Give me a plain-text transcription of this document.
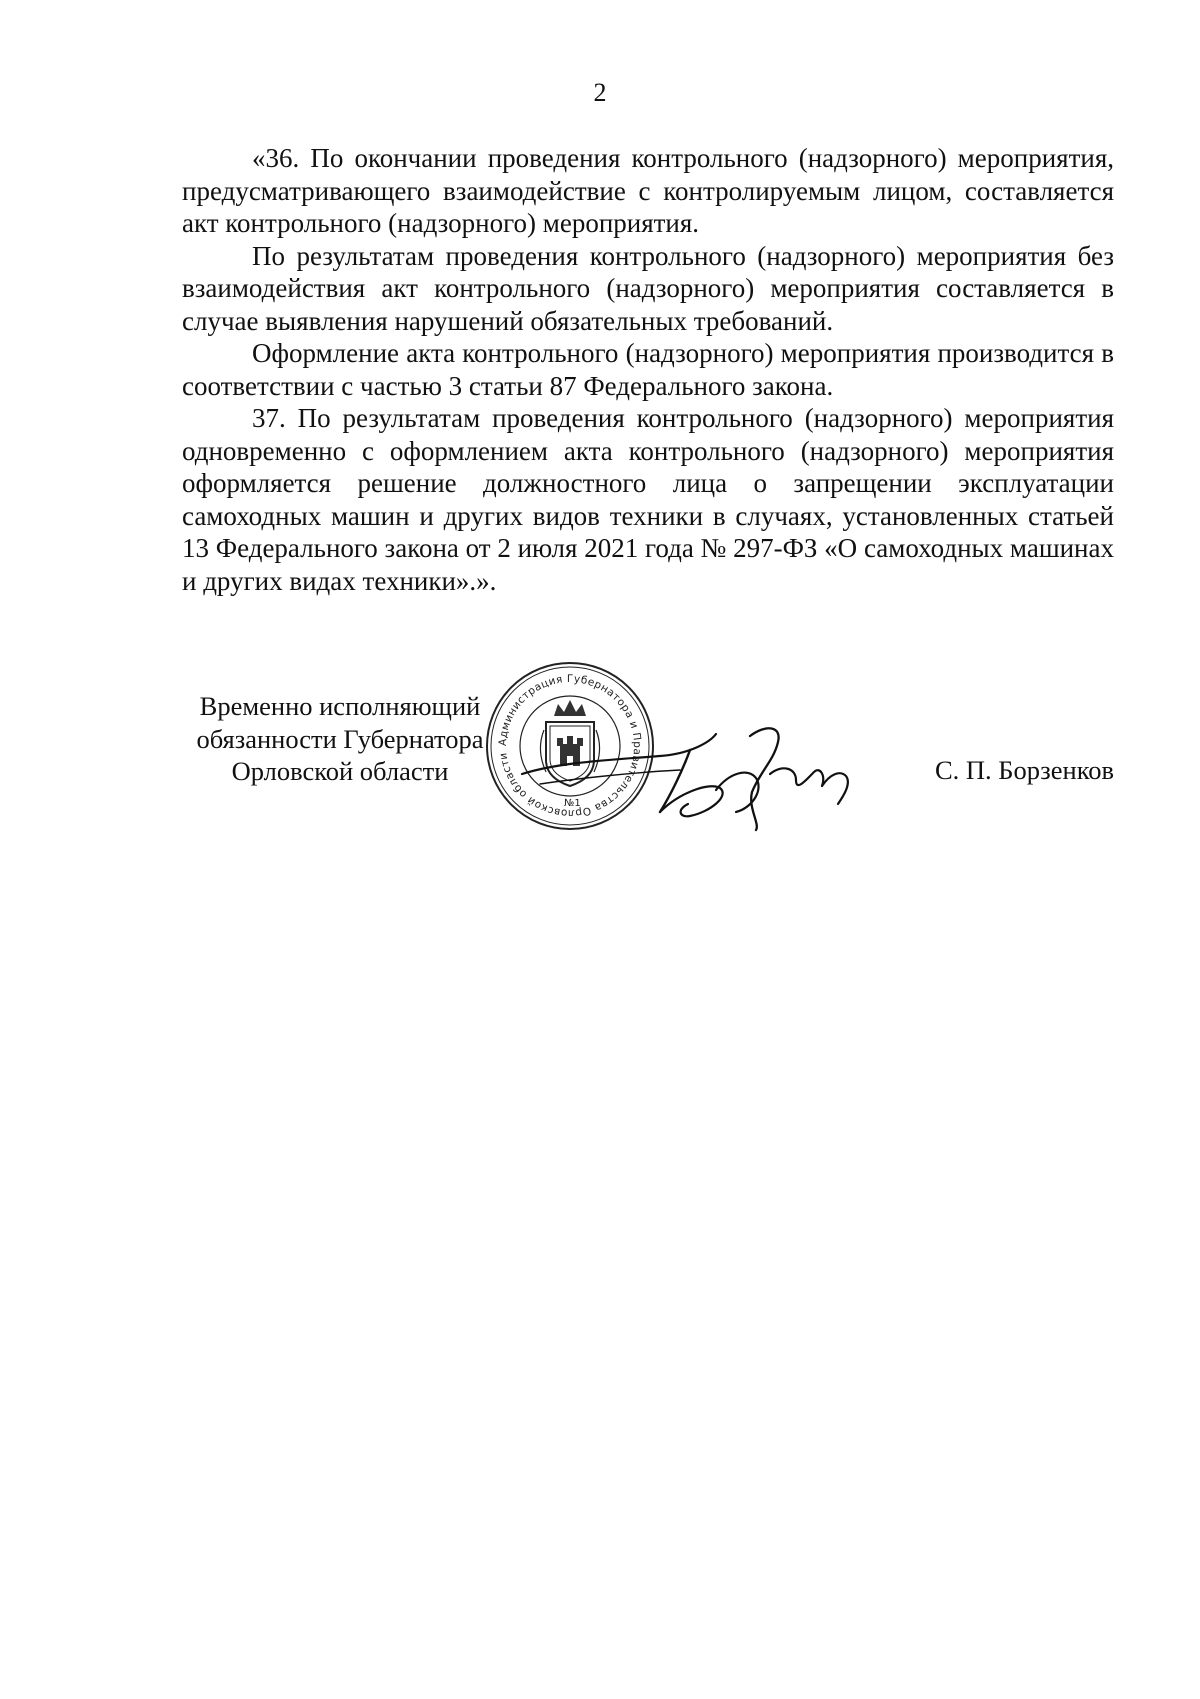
2

«36. По окончании проведения контрольного (надзорного) мероприятия, предусматривающего взаимодействие с контролируемым лицом, составляется акт контрольного (надзорного) мероприятия.

По результатам проведения контрольного (надзорного) мероприятия без взаимодействия акт контрольного (надзорного) мероприятия составляется в случае выявления нарушений обязательных требований.

Оформление акта контрольного (надзорного) мероприятия производится в соответствии с частью 3 статьи 87 Федерального закона.

37. По результатам проведения контрольного (надзорного) мероприятия одновременно с оформлением акта контрольного (надзорного) мероприятия оформляется решение должностного лица о запрещении эксплуатации самоходных машин и других видов техники в случаях, установленных статьей 13 Федерального закона от 2 июля 2021 года № 297-ФЗ «О самоходных машинах и других видах техники».».

Временно исполняющий
обязанности Губернатора
Орловской области	С. П. Борзенков
Администрация Губернатора и Правительства Орловской области
№1
